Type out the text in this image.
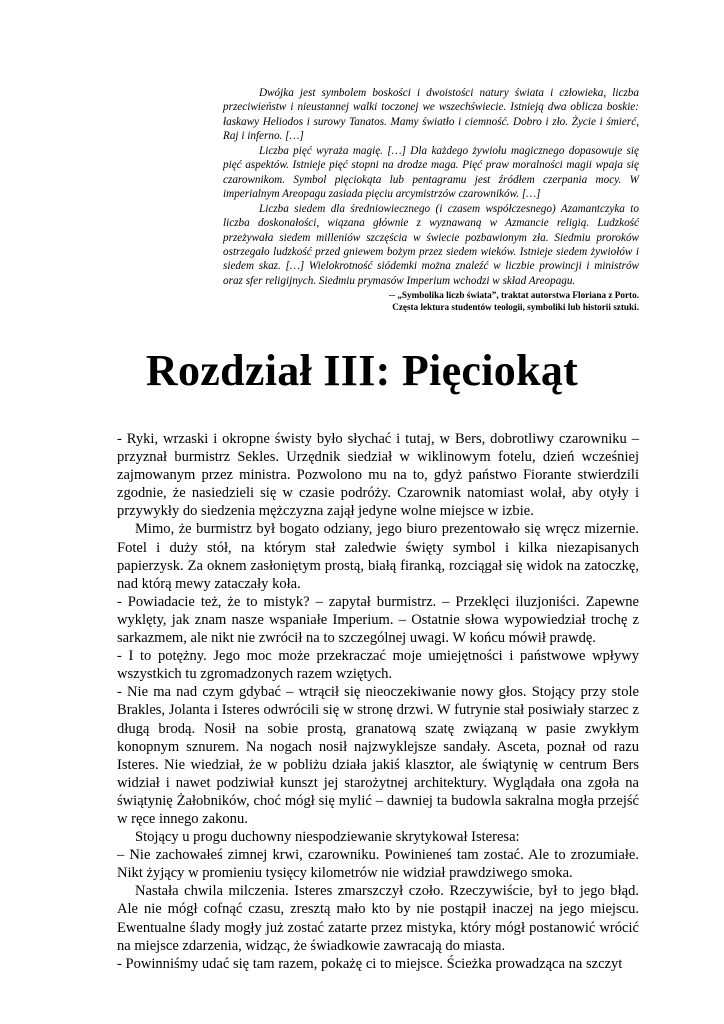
Dwójka jest symbolem boskości i dwoistości natury świata i człowieka, liczba przeciwieństw i nieustannej walki toczonej we wszechświecie. Istnieją dwa oblicza boskie: łaskawy Heliodos i surowy Tanatos. Mamy światło i ciemność. Dobro i zło. Życie i śmierć, Raj i inferno. […]

Liczba pięć wyraża magię. […] Dla każdego żywiołu magicznego dopasowuje się pięć aspektów. Istnieje pięć stopni na drodze maga. Pięć praw moralności magii wpaja się czarownikom. Symbol pięciokąta lub pentagramu jest źródłem czerpania mocy. W imperialnym Areopagu zasiada pięciu arcymistrzów czarowników. […]

Liczba siedem dla średniowiecznego (i czasem współczesnego) Azamantczyka to liczba doskonałości, wiązana głównie z wyznawaną w Azmancie religią. Ludzkość przeżywała siedem milleniów szczęścia w świecie pozbawionym zła. Siedmiu proroków ostrzegało ludzkość przed gniewem bożym przez siedem wieków. Istnieje siedem żywiołów i siedem skaz. […] Wielokrotność siódemki można znaleźć w liczbie prowincji i ministrów oraz sfer religijnych. Siedmiu prymasów Imperium wchodzi w skład Areopagu.

-- „Symbolika liczb świata”, traktat autorstwa Floriana z Porto.

Częsta lektura studentów teologii, symboliki lub historii sztuki.

Rozdział III: Pięciokąt

- Ryki, wrzaski i okropne świsty było słychać i tutaj, w Bers, dobrotliwy czarowniku – przyznał burmistrz Sekles. Urzędnik siedział w wiklinowym fotelu, dzień wcześniej zajmowanym przez ministra. Pozwolono mu na to, gdyż państwo Fiorante stwierdzili zgodnie, że nasiedzieli się w czasie podróży. Czarownik natomiast wolał, aby otyły i przywykły do siedzenia mężczyzna zajął jedyne wolne miejsce w izbie.

Mimo, że burmistrz był bogato odziany, jego biuro prezentowało się wręcz mizernie. Fotel i duży stół, na którym stał zaledwie święty symbol i kilka niezapisanych papierzysk. Za oknem zasłoniętym prostą, białą firanką, rozciągał się widok na zatoczkę, nad którą mewy zataczały koła.

- Powiadacie też, że to mistyk? – zapytał burmistrz. – Przeklęci iluzjoniści. Zapewne wyklęty, jak znam nasze wspaniałe Imperium. – Ostatnie słowa wypowiedział trochę z sarkazmem, ale nikt nie zwrócił na to szczególnej uwagi. W końcu mówił prawdę.

- I to potężny. Jego moc może przekraczać moje umiejętności i państwowe wpływy wszystkich tu zgromadzonych razem wziętych.

- Nie ma nad czym gdybać – wtrącił się nieoczekiwanie nowy głos. Stojący przy stole Brakles, Jolanta i Isteres odwrócili się w stronę drzwi. W futrynie stał posiwiały starzec z długą brodą. Nosił na sobie prostą, granatową szatę związaną w pasie zwykłym konopnym sznurem. Na nogach nosił najzwyklejsze sandały. Asceta, poznał od razu Isteres. Nie wiedział, że w pobliżu działa jakiś klasztor, ale świątynię w centrum Bers widział i nawet podziwiał kunszt jej starożytnej architektury. Wyglądała ona zgoła na świątynię Żałobników, choć mógł się mylić – dawniej ta budowla sakralna mogła przejść w ręce innego zakonu.

Stojący u progu duchowny niespodziewanie skrytykował Isteresa:

– Nie zachowałeś zimnej krwi, czarowniku. Powinieneś tam zostać. Ale to zrozumiałe. Nikt żyjący w promieniu tysięcy kilometrów nie widział prawdziwego smoka.

Nastała chwila milczenia. Isteres zmarszczył czoło. Rzeczywiście, był to jego błąd. Ale nie mógł cofnąć czasu, zresztą mało kto by nie postąpił inaczej na jego miejscu. Ewentualne ślady mogły już zostać zatarte przez mistyka, który mógł postanowić wrócić na miejsce zdarzenia, widząc, że świadkowie zawracają do miasta.

- Powinniśmy udać się tam razem, pokażę ci to miejsce. Ścieżka prowadząca na szczyt
